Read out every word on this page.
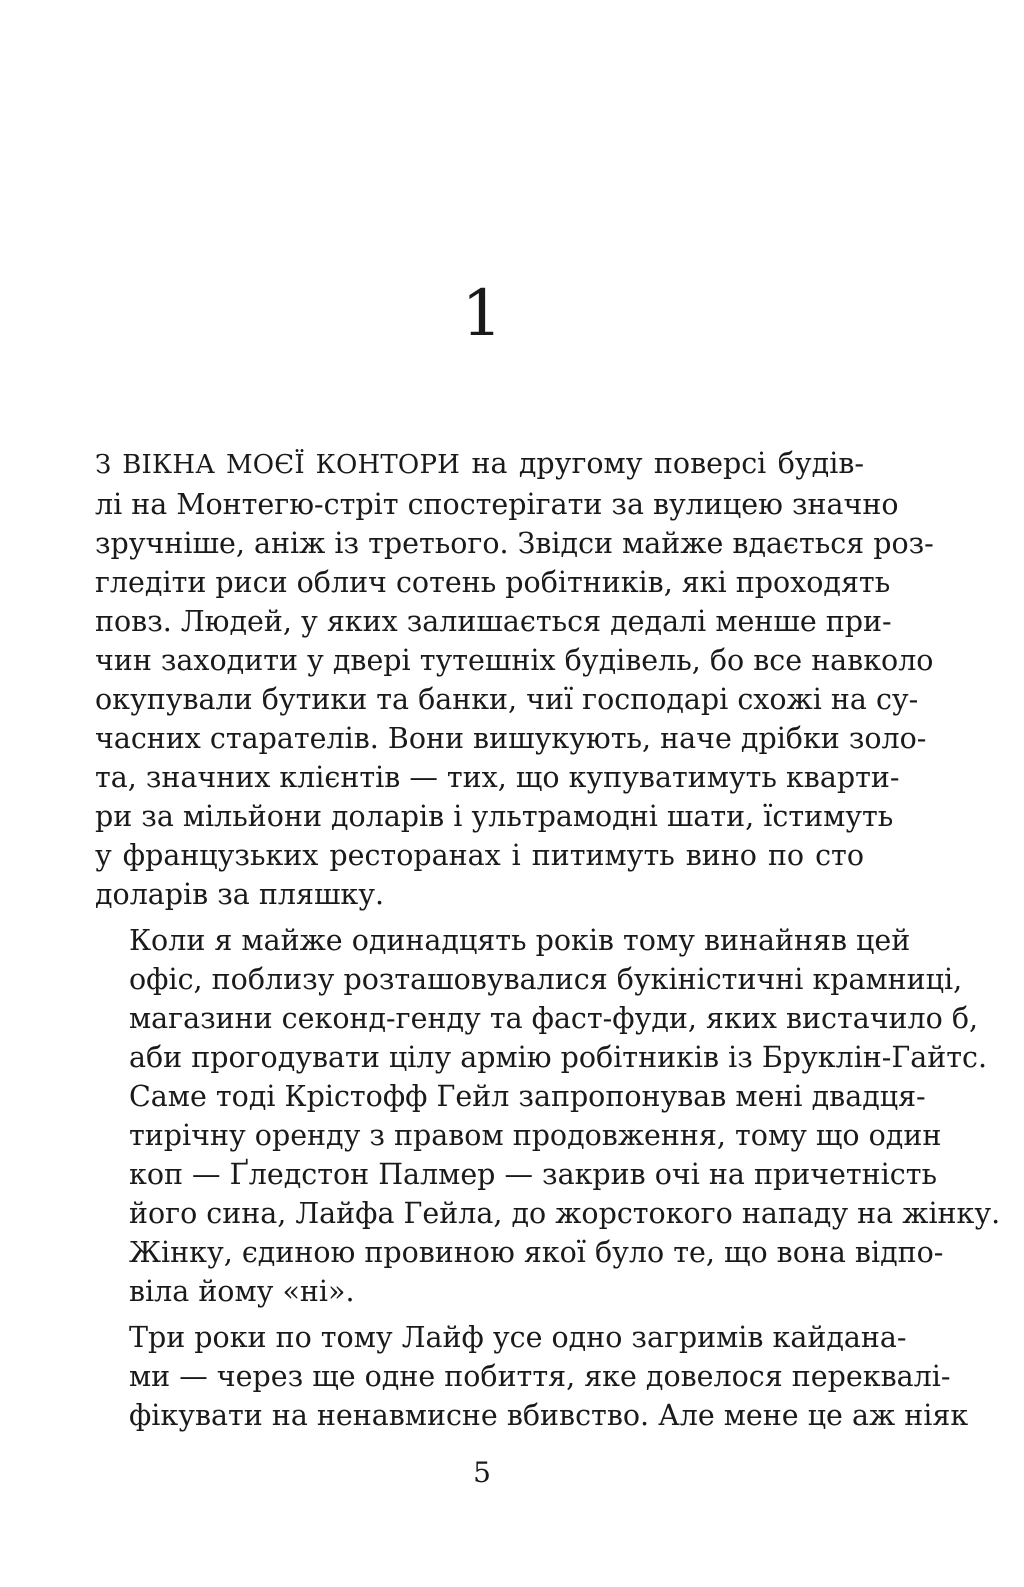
1

З ВІКНА МОЄЇ КОНТОРИ на другому поверсі будів-
лі на Монтегю-стріт спостерігати за вулицею значно
зручніше, аніж із третього. Звідси майже вдається роз-
гледіти риси облич сотень робітників, які проходять
повз. Людей, у яких залишається дедалі менше при-
чин заходити у двері тутешніх будівель, бо все навколо
окупували бутики та банки, чиї господарі схожі на су-
часних старателів. Вони вишукують, наче дрібки золо-
та, значних клієнтів — тих, що купуватимуть кварти-
ри за мільйони доларів і ультрамодні шати, їстимуть
у французьких ресторанах і питимуть вино по сто
доларів за пляшку.

Коли я майже одинадцять років тому винайняв цей
офіс, поблизу розташовувалися букіністичні крамниці,
магазини секонд-генду та фаст-фуди, яких вистачило б,
аби прогодувати цілу армію робітників із Бруклін-Гайтс.
Саме тоді Крістофф Гейл запропонував мені двадця-
тирічну оренду з правом продовження, тому що один
коп — Ґледстон Палмер — закрив очі на причетність
його сина, Лайфа Гейла, до жорстокого нападу на жінку.
Жінку, єдиною провиною якої було те, що вона відпо-
віла йому «ні».

Три роки по тому Лайф усе одно загримів кайдана-
ми — через ще одне побиття, яке довелося переквалі-
фікувати на ненавмисне вбивство. Але мене це аж ніяк

5
